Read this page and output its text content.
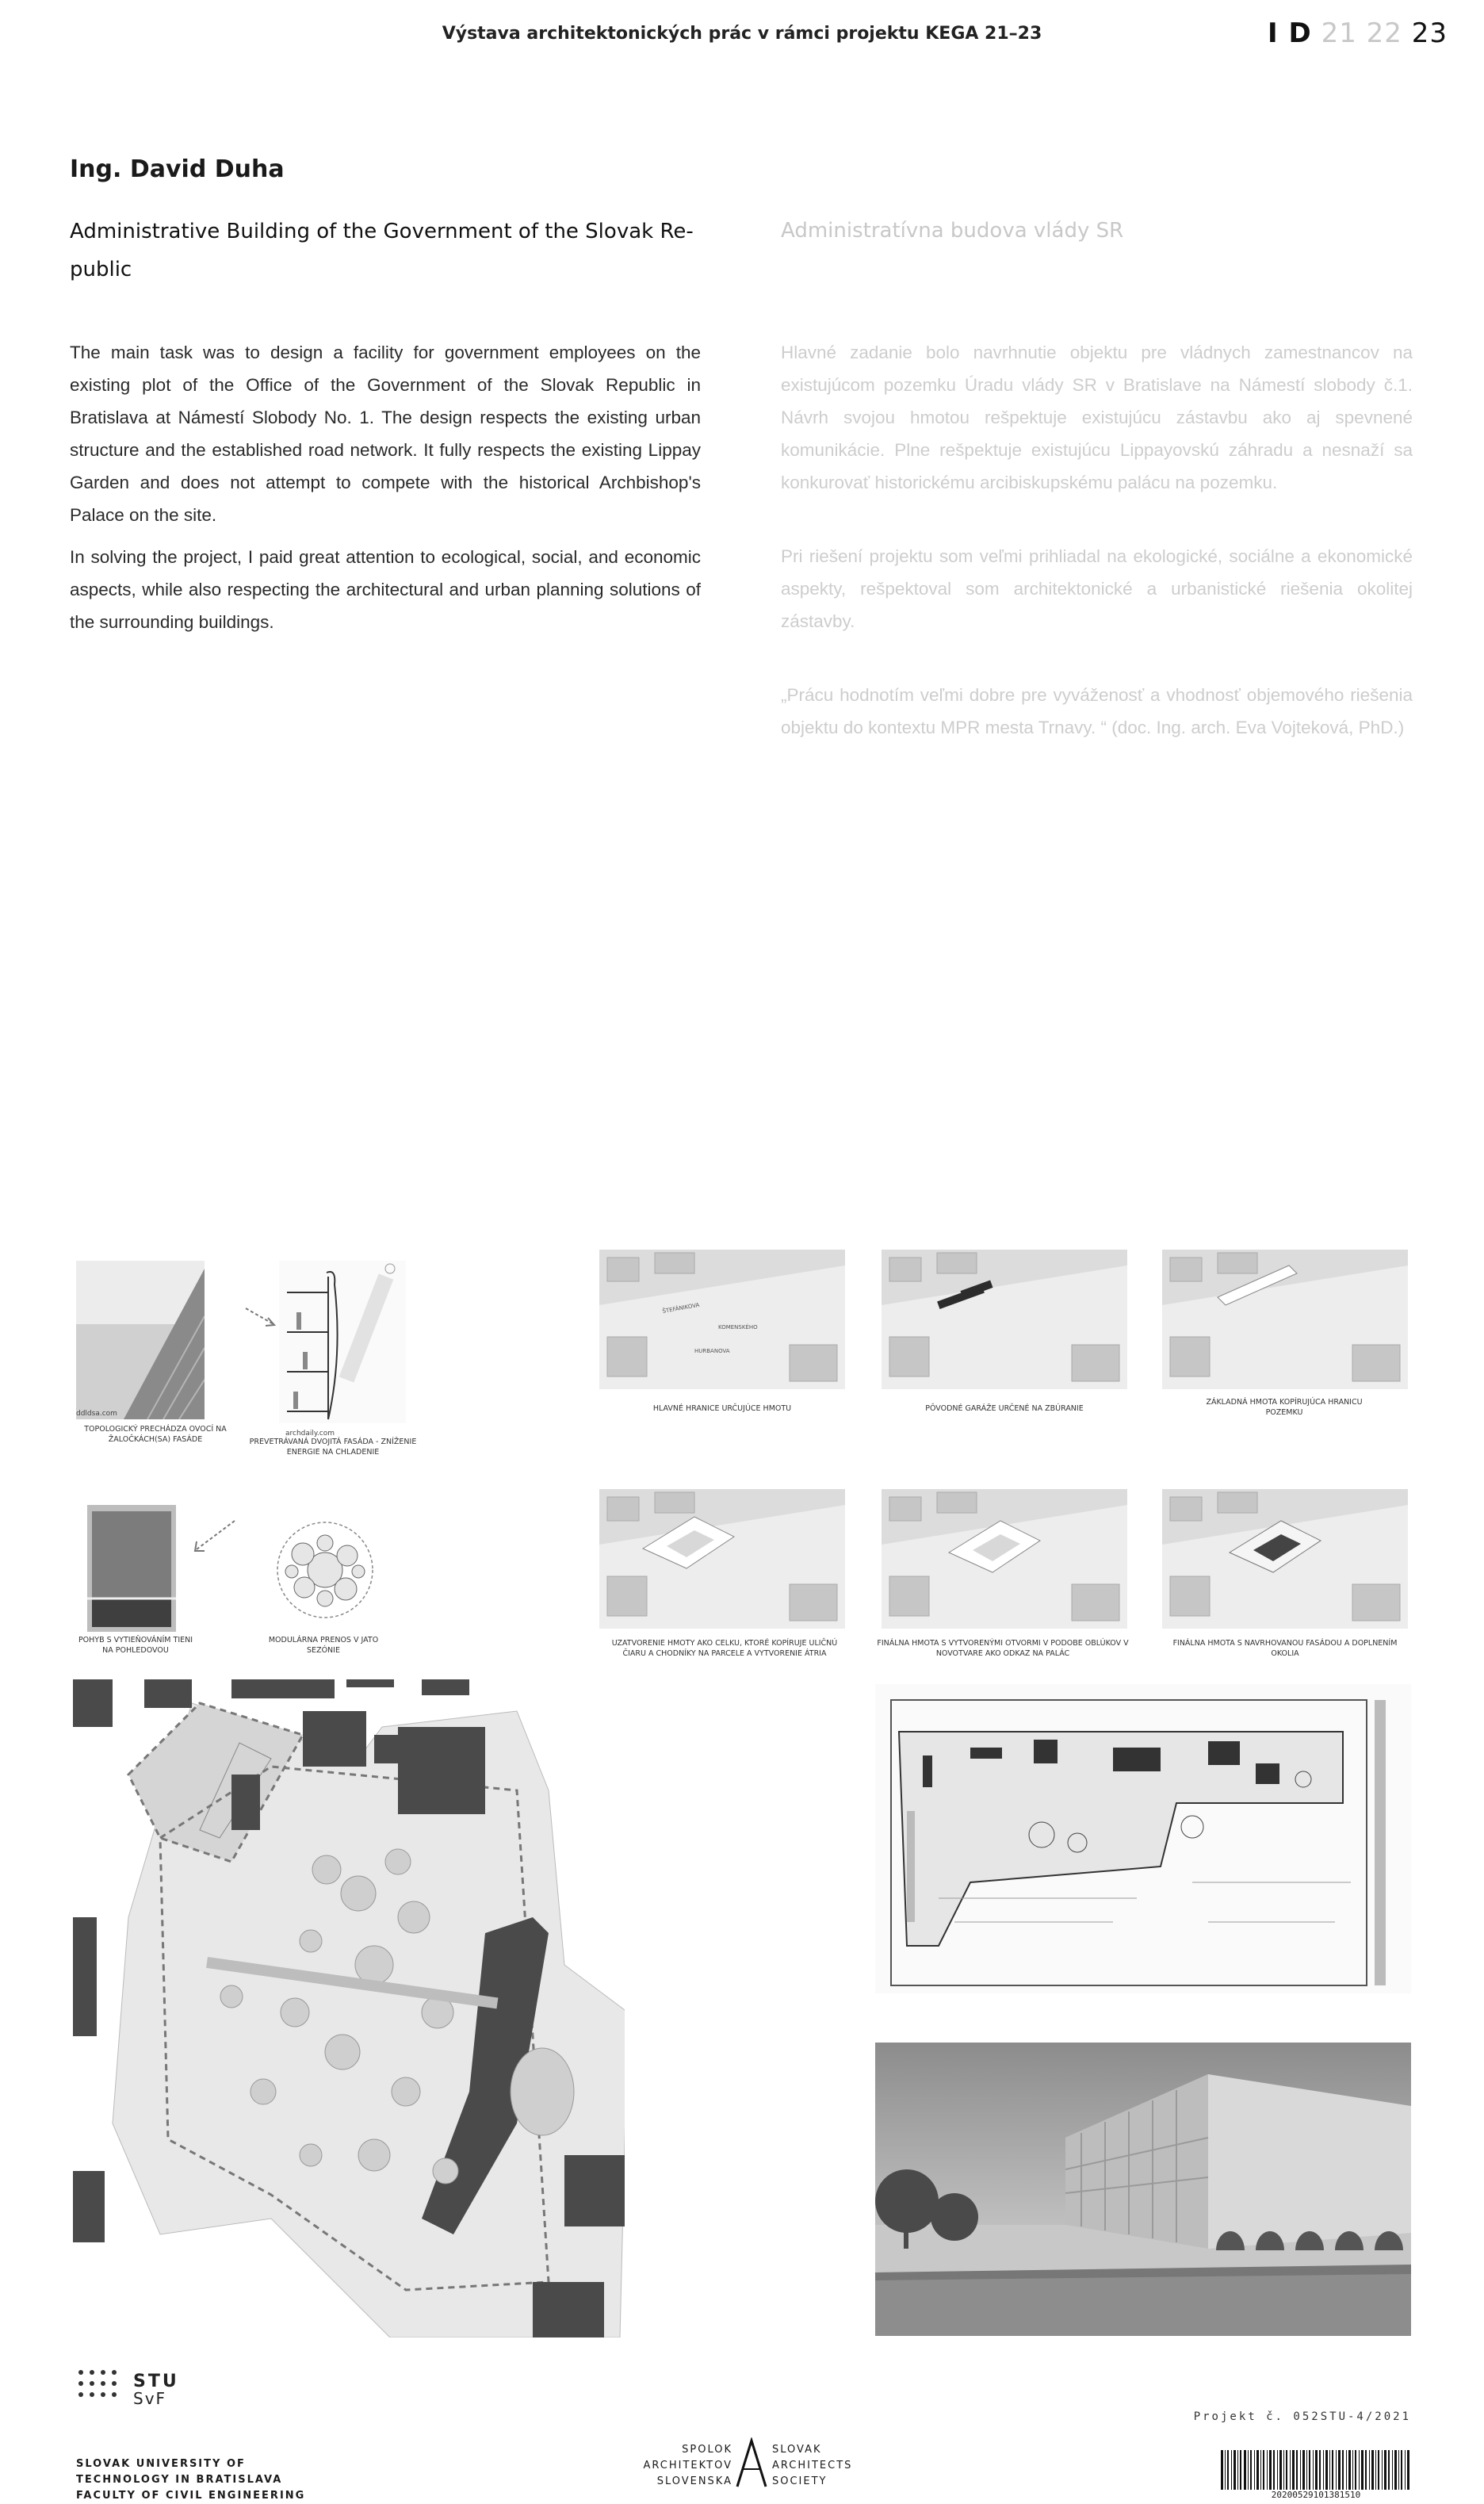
Výstava architektonických prác v rámci projektu KEGA 21–23	I D 21 22 23
Ing. David Duha
Administrative Building of the Government of the Slovak Re-
public
Administratívna budova vlády SR

The main task was to design a facility for government employees on the existing plot of the Office of the Government of the Slovak Republic in Bratislava at Námestí Slobody No. 1. The design respects the existing urban structure and the established road network. It fully respects the existing Lippay Garden and does not attempt to compete with the historical Archbishop's Palace on the site.

In solving the project, I paid great attention to ecological, social, and economic aspects, while also respecting the architectural and urban planning solutions of the surrounding buildings.

Hlavné zadanie bolo navrhnutie objektu pre vládnych zamestnancov na existujúcom pozemku Úradu vlády SR v Bratislave na Námestí slobody č.1. Návrh svojou hmotou rešpektuje existujúcu zástavbu ako aj spevnené komunikácie. Plne rešpektuje existujúcu Lippayovskú záhradu a nesnaží sa konkurovať historickému arcibiskupskému palácu na pozemku.

Pri riešení projektu som veľmi prihliadal na ekologické, sociálne a ekonomické aspekty, rešpektoval som architektonické a urbanistické riešenia okolitej zástavby.

„Prácu hodnotím veľmi dobre pre vyváženosť a vhodnosť objemového riešenia objektu do kontextu MPR mesta Trnavy. “ (doc. Ing. arch. Eva Vojteková, PhD.)

ddldsa.com
TOPOLOGICKÝ PRECHÁDZA OVOCÍ NA ŽALOČKÁCH(SA) FASÁDE
archdaily.com
PREVETRÁVANÁ DVOJITÁ FASÁDA - ZNÍŽENIE ENERGIE NA CHLADENIE
POHYB S VYTIEŇOVÁNÍM TIENI NA POHLEDOVOU
MODULÁRNA PRENOS V JATO SEZÓNIE
ŠTEFÁNIKOVA
KOMENSKÉHO
HURBANOVA
HLAVNÉ HRANICE URČUJÚCE HMOTU	PÔVODNÉ GARÁŽE URČENÉ NA ZBÚRANIE
ZÁKLADNÁ HMOTA KOPÍRUJÚCA HRANICU POZEMKU
UZATVORENIE HMOTY AKO CELKU, KTORÉ KOPÍRUJE ULIČNÚ ČIARU A CHODNÍKY NA PARCELE A VYTVORENIE ÁTRIA
FINÁLNA HMOTA S VYTVORENÝMI OTVORMI V PODOBE OBLÚKOV V NOVOTVARE AKO ODKAZ NA PALÁC
FINÁLNA HMOTA S NAVRHOVANOU FASÁDOU A DOPLNENÍM OKOLIA
STU
SvF
SLOVAK UNIVERSITY OF
TECHNOLOGY IN BRATISLAVA
FACULTY OF CIVIL ENGINEERING
SPOLOK
ARCHITEKTOV
SLOVENSKA
SLOVAK
ARCHITECTS
SOCIETY
Projekt č. 052STU-4/2021
20200529101381510
